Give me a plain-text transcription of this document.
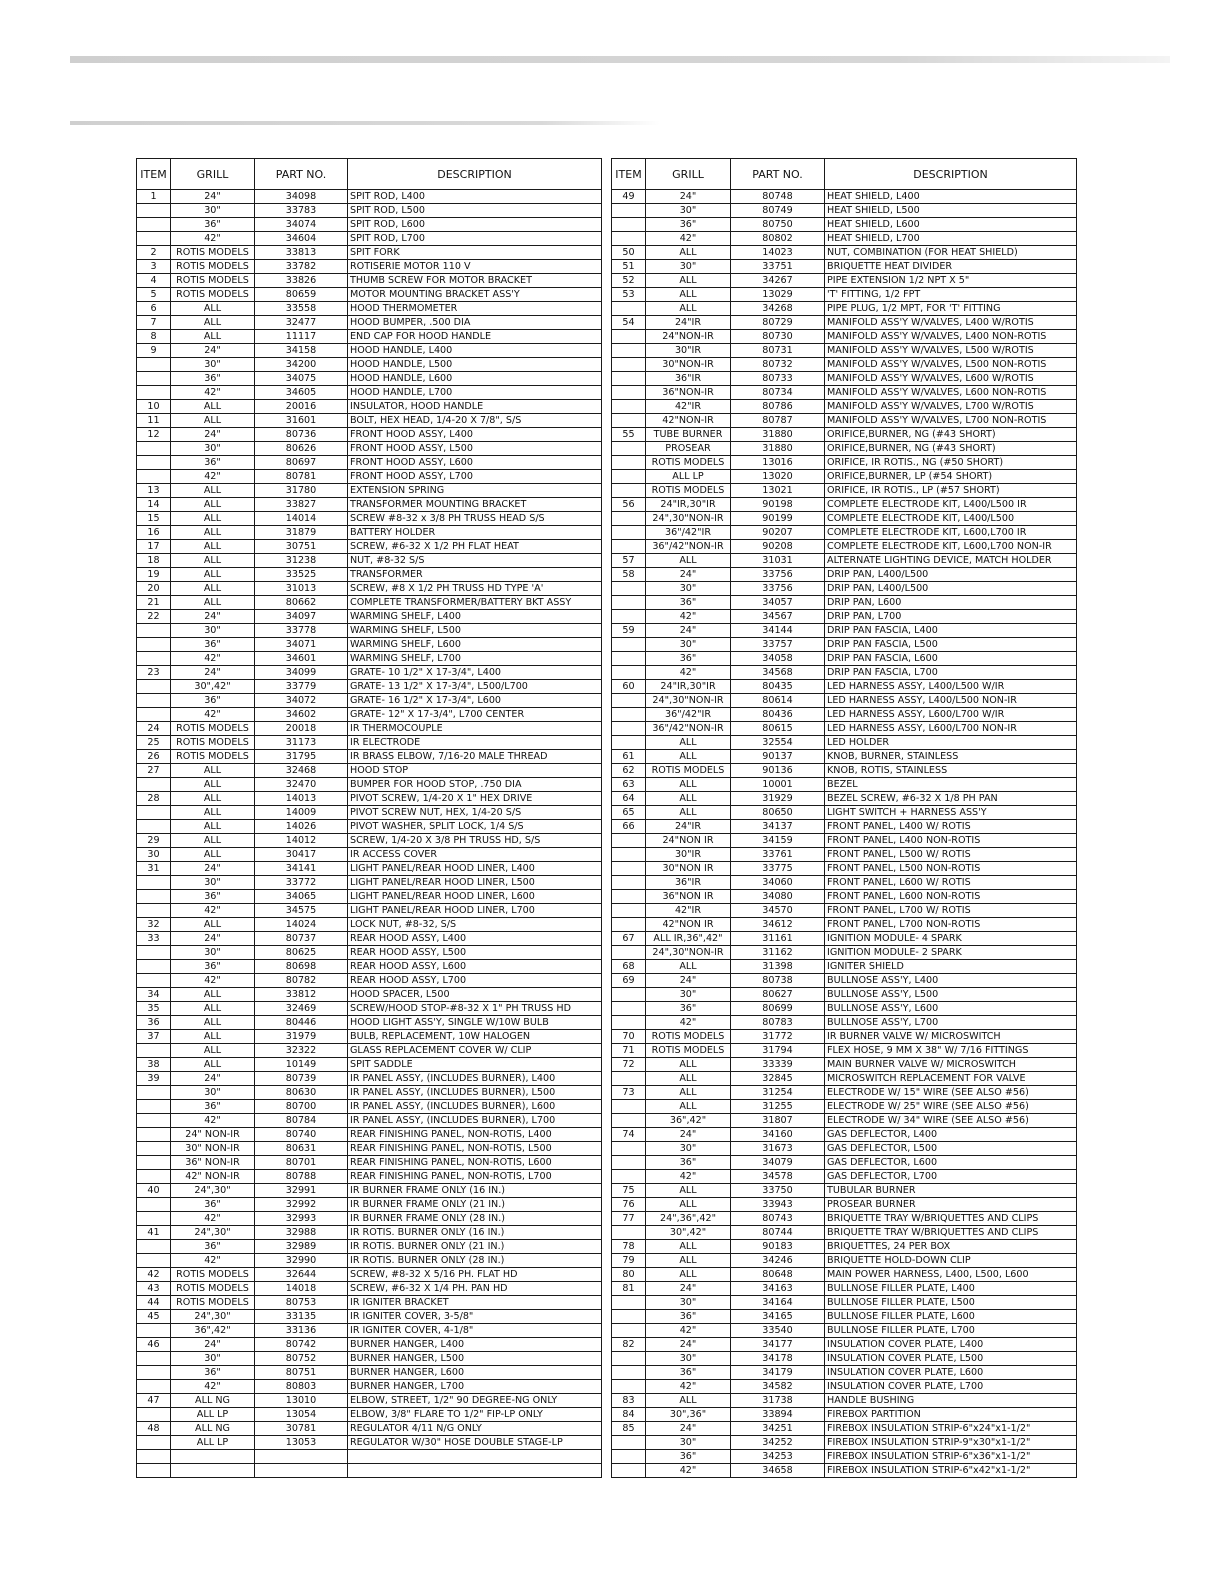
ITEM	GRILL	PART NO.	DESCRIPTION
1	24"	34098	SPIT ROD, L400
	30"	33783	SPIT ROD, L500
	36"	34074	SPIT ROD, L600
	42"	34604	SPIT ROD, L700
2	ROTIS MODELS	33813	SPIT FORK
3	ROTIS MODELS	33782	ROTISERIE MOTOR 110 V
4	ROTIS MODELS	33826	THUMB SCREW FOR MOTOR BRACKET
5	ROTIS MODELS	80659	MOTOR MOUNTING BRACKET ASS'Y
6	ALL	33558	HOOD THERMOMETER
7	ALL	32477	HOOD BUMPER, .500 DIA
8	ALL	11117	END CAP FOR HOOD HANDLE
9	24"	34158	HOOD HANDLE, L400
	30"	34200	HOOD HANDLE, L500
	36"	34075	HOOD HANDLE, L600
	42"	34605	HOOD HANDLE, L700
10	ALL	20016	INSULATOR, HOOD HANDLE
11	ALL	31601	BOLT, HEX HEAD, 1/4-20 X 7/8", S/S
12	24"	80736	FRONT HOOD ASSY, L400
	30"	80626	FRONT HOOD ASSY, L500
	36"	80697	FRONT HOOD ASSY, L600
	42"	80781	FRONT HOOD ASSY, L700
13	ALL	31780	EXTENSION SPRING
14	ALL	33827	TRANSFORMER MOUNTING BRACKET
15	ALL	14014	SCREW #8-32 x 3/8 PH TRUSS HEAD S/S
16	ALL	31879	BATTERY HOLDER
17	ALL	30751	SCREW, #6-32 X 1/2 PH FLAT HEAT
18	ALL	31238	NUT, #8-32 S/S
19	ALL	33525	TRANSFORMER
20	ALL	31013	SCREW, #8 X 1/2 PH TRUSS HD TYPE 'A'
21	ALL	80662	COMPLETE TRANSFORMER/BATTERY BKT ASSY
22	24"	34097	WARMING SHELF, L400
	30"	33778	WARMING SHELF, L500
	36"	34071	WARMING SHELF, L600
	42"	34601	WARMING SHELF, L700
23	24"	34099	GRATE- 10 1/2" X 17-3/4", L400
	30",42"	33779	GRATE- 13 1/2" X 17-3/4", L500/L700
	36"	34072	GRATE- 16 1/2" X 17-3/4", L600
	42"	34602	GRATE- 12" X 17-3/4", L700 CENTER
24	ROTIS MODELS	20018	IR THERMOCOUPLE
25	ROTIS MODELS	31173	IR ELECTRODE
26	ROTIS MODELS	31795	IR BRASS ELBOW, 7/16-20 MALE THREAD
27	ALL	32468	HOOD STOP
	ALL	32470	BUMPER FOR HOOD STOP, .750 DIA
28	ALL	14013	PIVOT SCREW, 1/4-20 X 1" HEX DRIVE
	ALL	14009	PIVOT SCREW NUT, HEX, 1/4-20 S/S
	ALL	14026	PIVOT WASHER, SPLIT LOCK, 1/4 S/S
29	ALL	14012	SCREW, 1/4-20 X 3/8 PH TRUSS HD, S/S
30	ALL	30417	IR ACCESS COVER
31	24"	34141	LIGHT PANEL/REAR HOOD LINER, L400
	30"	33772	LIGHT PANEL/REAR HOOD LINER, L500
	36"	34065	LIGHT PANEL/REAR HOOD LINER, L600
	42"	34575	LIGHT PANEL/REAR HOOD LINER, L700
32	ALL	14024	LOCK NUT, #8-32, S/S
33	24"	80737	REAR HOOD ASSY, L400
	30"	80625	REAR HOOD ASSY, L500
	36"	80698	REAR HOOD ASSY, L600
	42"	80782	REAR HOOD ASSY, L700
34	ALL	33812	HOOD SPACER, L500
35	ALL	32469	SCREW/HOOD STOP-#8-32 X 1" PH TRUSS HD
36	ALL	80446	HOOD LIGHT ASS'Y, SINGLE W/10W BULB
37	ALL	31979	BULB, REPLACEMENT, 10W HALOGEN
	ALL	32322	GLASS REPLACEMENT COVER W/ CLIP
38	ALL	10149	SPIT SADDLE
39	24"	80739	IR PANEL ASSY, (INCLUDES BURNER), L400
	30"	80630	IR PANEL ASSY, (INCLUDES BURNER), L500
	36"	80700	IR PANEL ASSY, (INCLUDES BURNER), L600
	42"	80784	IR PANEL ASSY, (INCLUDES BURNER), L700
	24" NON-IR	80740	REAR FINISHING PANEL, NON-ROTIS, L400
	30" NON-IR	80631	REAR FINISHING PANEL, NON-ROTIS, L500
	36" NON-IR	80701	REAR FINISHING PANEL, NON-ROTIS, L600
	42" NON-IR	80788	REAR FINISHING PANEL, NON-ROTIS, L700
40	24",30"	32991	IR BURNER FRAME ONLY (16 IN.)
	36"	32992	IR BURNER FRAME ONLY (21 IN.)
	42"	32993	IR BURNER FRAME ONLY (28 IN.)
41	24",30"	32988	IR ROTIS. BURNER ONLY (16 IN.)
	36"	32989	IR ROTIS. BURNER ONLY (21 IN.)
	42"	32990	IR ROTIS. BURNER ONLY (28 IN.)
42	ROTIS MODELS	32644	SCREW, #8-32 X 5/16 PH. FLAT HD
43	ROTIS MODELS	14018	SCREW, #6-32 X 1/4 PH. PAN HD
44	ROTIS MODELS	80753	IR IGNITER BRACKET
45	24",30"	33135	IR IGNITER COVER, 3-5/8"
	36",42"	33136	IR IGNITER COVER, 4-1/8"
46	24"	80742	BURNER HANGER, L400
	30"	80752	BURNER HANGER, L500
	36"	80751	BURNER HANGER, L600
	42"	80803	BURNER HANGER, L700
47	ALL NG	13010	ELBOW, STREET, 1/2" 90 DEGREE-NG ONLY
	ALL LP	13054	ELBOW, 3/8" FLARE TO 1/2" FIP-LP ONLY
48	ALL NG	30781	REGULATOR 4/11 N/G ONLY
	ALL LP	13053	REGULATOR W/30" HOSE DOUBLE STAGE-LP

ITEM	GRILL	PART NO.	DESCRIPTION
49	24"	80748	HEAT SHIELD, L400
	30"	80749	HEAT SHIELD, L500
	36"	80750	HEAT SHIELD, L600
	42"	80802	HEAT SHIELD, L700
50	ALL	14023	NUT, COMBINATION (FOR HEAT SHIELD)
51	30"	33751	BRIQUETTE HEAT DIVIDER
52	ALL	34267	PIPE EXTENSION 1/2 NPT X 5"
53	ALL	13029	'T' FITTING, 1/2 FPT
	ALL	34268	PIPE PLUG, 1/2 MPT, FOR 'T' FITTING
54	24"IR	80729	MANIFOLD ASS'Y W/VALVES, L400 W/ROTIS
	24"NON-IR	80730	MANIFOLD ASS'Y W/VALVES, L400 NON-ROTIS
	30"IR	80731	MANIFOLD ASS'Y W/VALVES, L500 W/ROTIS
	30"NON-IR	80732	MANIFOLD ASS'Y W/VALVES, L500 NON-ROTIS
	36"IR	80733	MANIFOLD ASS'Y W/VALVES, L600 W/ROTIS
	36"NON-IR	80734	MANIFOLD ASS'Y W/VALVES, L600 NON-ROTIS
	42"IR	80786	MANIFOLD ASS'Y W/VALVES, L700 W/ROTIS
	42"NON-IR	80787	MANIFOLD ASS'Y W/VALVES, L700 NON-ROTIS
55	TUBE BURNER	31880	ORIFICE,BURNER, NG (#43 SHORT)
	PROSEAR	31880	ORIFICE,BURNER, NG (#43 SHORT)
	ROTIS MODELS	13016	ORIFICE, IR ROTIS., NG (#50 SHORT)
	ALL LP	13020	ORIFICE,BURNER, LP (#54 SHORT)
	ROTIS MODELS	13021	ORIFICE, IR ROTIS., LP (#57 SHORT)
56	24"IR,30"IR	90198	COMPLETE ELECTRODE KIT, L400/L500 IR
	24",30"NON-IR	90199	COMPLETE ELECTRODE KIT, L400/L500
	36"/42"IR	90207	COMPLETE ELECTRODE KIT, L600,L700 IR
	36"/42"NON-IR	90208	COMPLETE ELECTRODE KIT, L600,L700 NON-IR
57	ALL	31031	ALTERNATE LIGHTING DEVICE, MATCH HOLDER
58	24"	33756	DRIP PAN, L400/L500
	30"	33756	DRIP PAN, L400/L500
	36"	34057	DRIP PAN, L600
	42"	34567	DRIP PAN, L700
59	24"	34144	DRIP PAN FASCIA, L400
	30"	33757	DRIP PAN FASCIA, L500
	36"	34058	DRIP PAN FASCIA, L600
	42"	34568	DRIP PAN FASCIA, L700
60	24"IR,30"IR	80435	LED HARNESS ASSY, L400/L500 W/IR
	24",30"NON-IR	80614	LED HARNESS ASSY, L400/L500 NON-IR
	36"/42"IR	80436	LED HARNESS ASSY, L600/L700 W/IR
	36"/42"NON-IR	80615	LED HARNESS ASSY, L600/L700 NON-IR
	ALL	32554	LED HOLDER
61	ALL	90137	KNOB, BURNER, STAINLESS
62	ROTIS MODELS	90136	KNOB, ROTIS, STAINLESS
63	ALL	10001	BEZEL
64	ALL	31929	BEZEL SCREW, #6-32 X 1/8 PH PAN
65	ALL	80650	LIGHT SWITCH + HARNESS ASS'Y
66	24"IR	34137	FRONT PANEL, L400 W/ ROTIS
	24"NON IR	34159	FRONT PANEL, L400 NON-ROTIS
	30"IR	33761	FRONT PANEL, L500 W/ ROTIS
	30"NON IR	33775	FRONT PANEL, L500 NON-ROTIS
	36"IR	34060	FRONT PANEL, L600 W/ ROTIS
	36"NON IR	34080	FRONT PANEL, L600 NON-ROTIS
	42"IR	34570	FRONT PANEL, L700 W/ ROTIS
	42"NON IR	34612	FRONT PANEL, L700 NON-ROTIS
67	ALL IR,36",42"	31161	IGNITION MODULE- 4 SPARK
	24",30"NON-IR	31162	IGNITION MODULE- 2 SPARK
68	ALL	31398	IGNITER SHIELD
69	24"	80738	BULLNOSE ASS'Y, L400
	30"	80627	BULLNOSE ASS'Y, L500
	36"	80699	BULLNOSE ASS'Y, L600
	42"	80783	BULLNOSE ASS'Y, L700
70	ROTIS MODELS	31772	IR BURNER VALVE W/ MICROSWITCH
71	ROTIS MODELS	31794	FLEX HOSE, 9 MM X 38" W/ 7/16 FITTINGS
72	ALL	33339	MAIN BURNER VALVE W/ MICROSWITCH
	ALL	32845	MICROSWITCH REPLACEMENT FOR VALVE
73	ALL	31254	ELECTRODE W/ 15" WIRE (SEE ALSO #56)
	ALL	31255	ELECTRODE W/ 25" WIRE (SEE ALSO #56)
	36",42"	31807	ELECTRODE W/ 34" WIRE (SEE ALSO #56)
74	24"	34160	GAS DEFLECTOR, L400
	30"	31673	GAS DEFLECTOR, L500
	36"	34079	GAS DEFLECTOR, L600
	42"	34578	GAS DEFLECTOR, L700
75	ALL	33750	TUBULAR BURNER
76	ALL	33943	PROSEAR BURNER
77	24",36",42"	80743	BRIQUETTE TRAY W/BRIQUETTES AND CLIPS
	30",42"	80744	BRIQUETTE TRAY W/BRIQUETTES AND CLIPS
78	ALL	90183	BRIQUETTES, 24 PER BOX
79	ALL	34246	BRIQUETTE HOLD-DOWN CLIP
80	ALL	80648	MAIN POWER HARNESS, L400, L500, L600
81	24"	34163	BULLNOSE FILLER PLATE, L400
	30"	34164	BULLNOSE FILLER PLATE, L500
	36"	34165	BULLNOSE FILLER PLATE, L600
	42"	33540	BULLNOSE FILLER PLATE, L700
82	24"	34177	INSULATION COVER PLATE, L400
	30"	34178	INSULATION COVER PLATE, L500
	36"	34179	INSULATION COVER PLATE, L600
	42"	34582	INSULATION COVER PLATE, L700
83	ALL	31738	HANDLE BUSHING
84	30",36"	33894	FIREBOX PARTITION
85	24"	34251	FIREBOX INSULATION STRIP-6"x24"x1-1/2"
	30"	34252	FIREBOX INSULATION STRIP-9"x30"x1-1/2"
	36"	34253	FIREBOX INSULATION STRIP-6"x36"x1-1/2"
	42"	34658	FIREBOX INSULATION STRIP-6"x42"x1-1/2"
